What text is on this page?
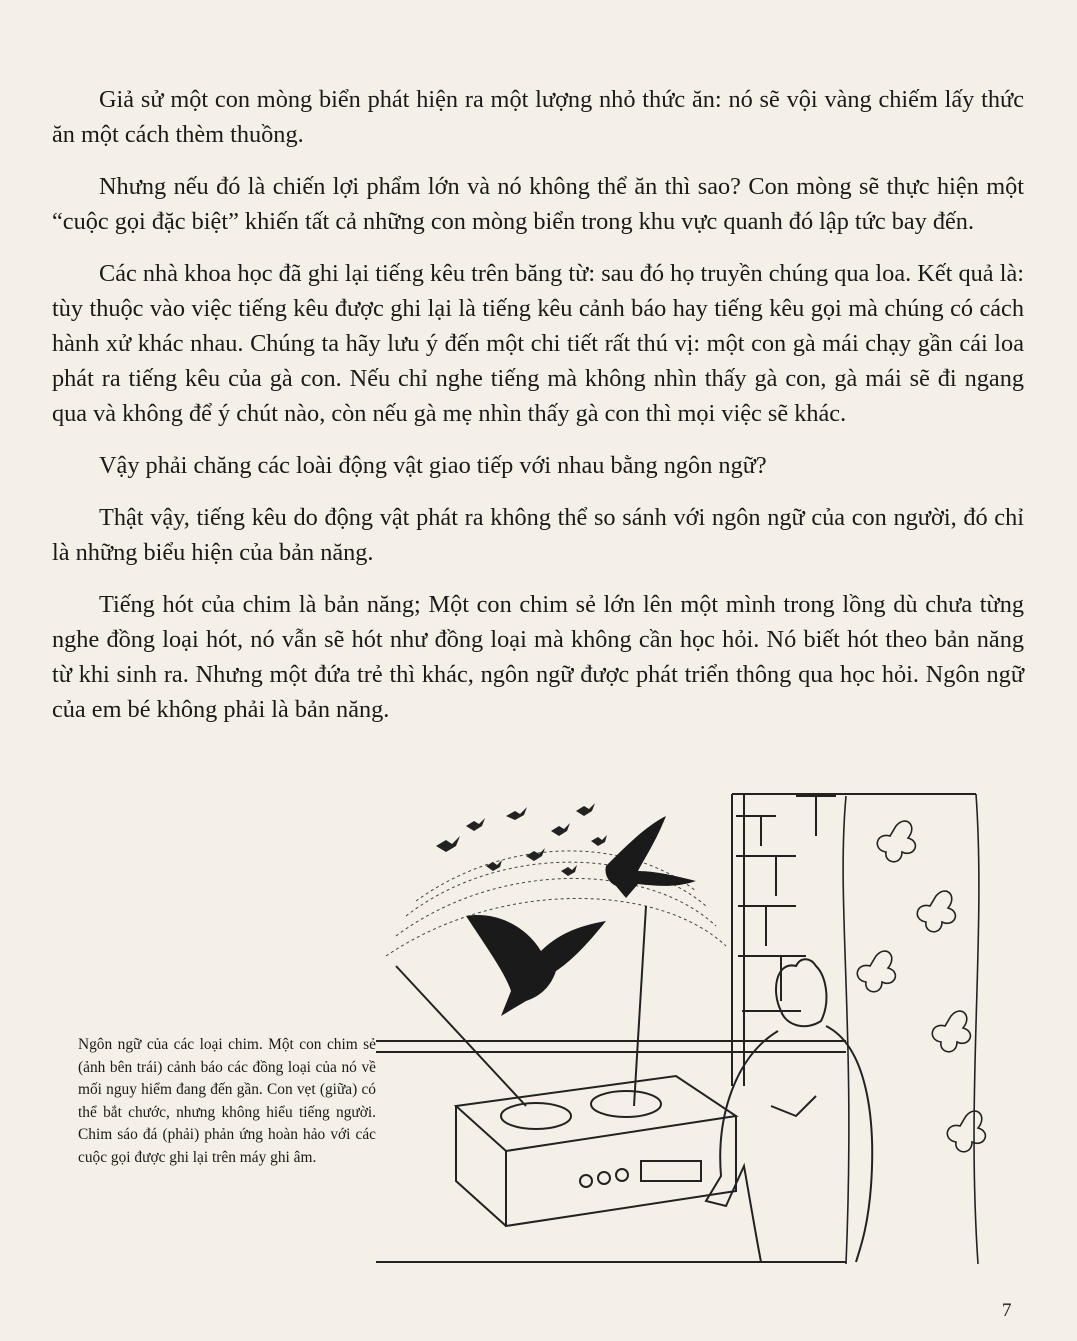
Giả sử một con mòng biển phát hiện ra một lượng nhỏ thức ăn: nó sẽ vội vàng chiếm lấy thức ăn một cách thèm thuồng.

Nhưng nếu đó là chiến lợi phẩm lớn và nó không thể ăn thì sao? Con mòng sẽ thực hiện một “cuộc gọi đặc biệt” khiến tất cả những con mòng biển trong khu vực quanh đó lập tức bay đến.

Các nhà khoa học đã ghi lại tiếng kêu trên băng từ: sau đó họ truyền chúng qua loa. Kết quả là: tùy thuộc vào việc tiếng kêu được ghi lại là tiếng kêu cảnh báo hay tiếng kêu gọi mà chúng có cách hành xử khác nhau. Chúng ta hãy lưu ý đến một chi tiết rất thú vị: một con gà mái chạy gần cái loa phát ra tiếng kêu của gà con. Nếu chỉ nghe tiếng mà không nhìn thấy gà con, gà mái sẽ đi ngang qua và không để ý chút nào, còn nếu gà mẹ nhìn thấy gà con thì mọi việc sẽ khác.

Vậy phải chăng các loài động vật giao tiếp với nhau bằng ngôn ngữ?

Thật vậy, tiếng kêu do động vật phát ra không thể so sánh với ngôn ngữ của con người, đó chỉ là những biểu hiện của bản năng.

Tiếng hót của chim là bản năng; Một con chim sẻ lớn lên một mình trong lồng dù chưa từng nghe đồng loại hót, nó vẫn sẽ hót như đồng loại mà không cần học hỏi. Nó biết hót theo bản năng từ khi sinh ra. Nhưng một đứa trẻ thì khác, ngôn ngữ được phát triển thông qua học hỏi. Ngôn ngữ của em bé không phải là bản năng.

Ngôn ngữ của các loại chim. Một con chim sẻ (ảnh bên trái) cảnh báo các đồng loại của nó về mối nguy hiểm đang đến gần. Con vẹt (giữa) có thể bắt chước, nhưng không hiểu tiếng người. Chim sáo đá (phải) phản ứng hoàn hảo với các cuộc gọi được ghi lại trên máy ghi âm.
7
